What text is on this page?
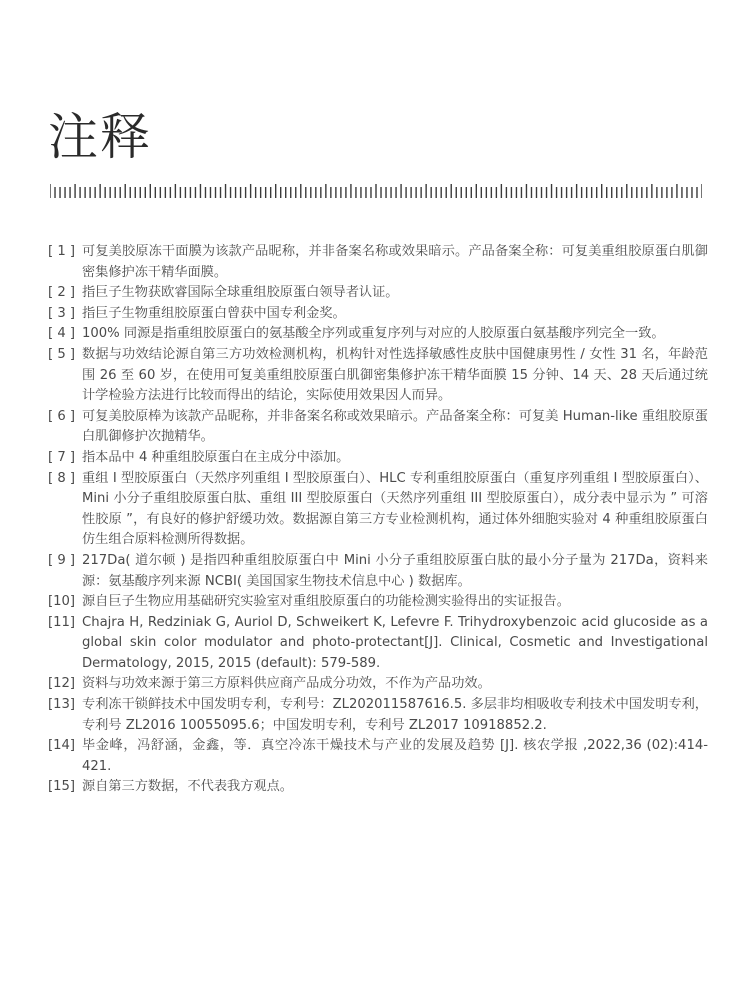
注释
[ 1 ] 可复美胶原冻干面膜为该款产品昵称，并非备案名称或效果暗示。产品备案全称：可复美重组胶原蛋白肌御密集修护冻干精华面膜。
[ 2 ] 指巨子生物获欧睿国际全球重组胶原蛋白领导者认证。
[ 3 ] 指巨子生物重组胶原蛋白曾获中国专利金奖。
[ 4 ] 100% 同源是指重组胶原蛋白的氨基酸全序列或重复序列与对应的人胶原蛋白氨基酸序列完全一致。
[ 5 ] 数据与功效结论源自第三方功效检测机构，机构针对性选择敏感性皮肤中国健康男性 / 女性 31 名，年龄范围 26 至 60 岁，在使用可复美重组胶原蛋白肌御密集修护冻干精华面膜 15 分钟、14 天、28 天后通过统计学检验方法进行比较而得出的结论，实际使用效果因人而异。
[ 6 ] 可复美胶原棒为该款产品昵称，并非备案名称或效果暗示。产品备案全称：可复美 Human-like 重组胶原蛋白肌御修护次抛精华。
[ 7 ] 指本品中 4 种重组胶原蛋白在主成分中添加。
[ 8 ] 重组 I 型胶原蛋白（天然序列重组 I 型胶原蛋白）、HLC 专利重组胶原蛋白（重复序列重组 I 型胶原蛋白）、Mini 小分子重组胶原蛋白肽、重组 III 型胶原蛋白（天然序列重组 III 型胶原蛋白），成分表中显示为 ” 可溶性胶原 ”，有良好的修护舒缓功效。数据源自第三方专业检测机构，通过体外细胞实验对 4 种重组胶原蛋白仿生组合原料检测所得数据。
[ 9 ] 217Da( 道尔顿 ) 是指四种重组胶原蛋白中 Mini 小分子重组胶原蛋白肽的最小分子量为 217Da，资料来源：氨基酸序列来源 NCBI( 美国国家生物技术信息中心 ) 数据库。
[10] 源自巨子生物应用基础研究实验室对重组胶原蛋白的功能检测实验得出的实证报告。
[11] Chajra H, Redziniak G, Auriol D, Schweikert K, Lefevre F. Trihydroxybenzoic acid glucoside as a global skin color modulator and photo-protectant[J]. Clinical, Cosmetic and Investigational Dermatology, 2015, 2015 (default): 579-589.
[12] 资料与功效来源于第三方原料供应商产品成分功效，不作为产品功效。
[13] 专利冻干锁鲜技术中国发明专利，专利号：ZL202011587616.5. 多层非均相吸收专利技术中国发明专利，专利号 ZL2016 10055095.6；中国发明专利，专利号 ZL2017 10918852.2.
[14] 毕金峰，冯舒涵，金鑫，等．真空冷冻干燥技术与产业的发展及趋势 [J]. 核农学报 ,2022,36 (02):414-421.
[15] 源自第三方数据，不代表我方观点。
